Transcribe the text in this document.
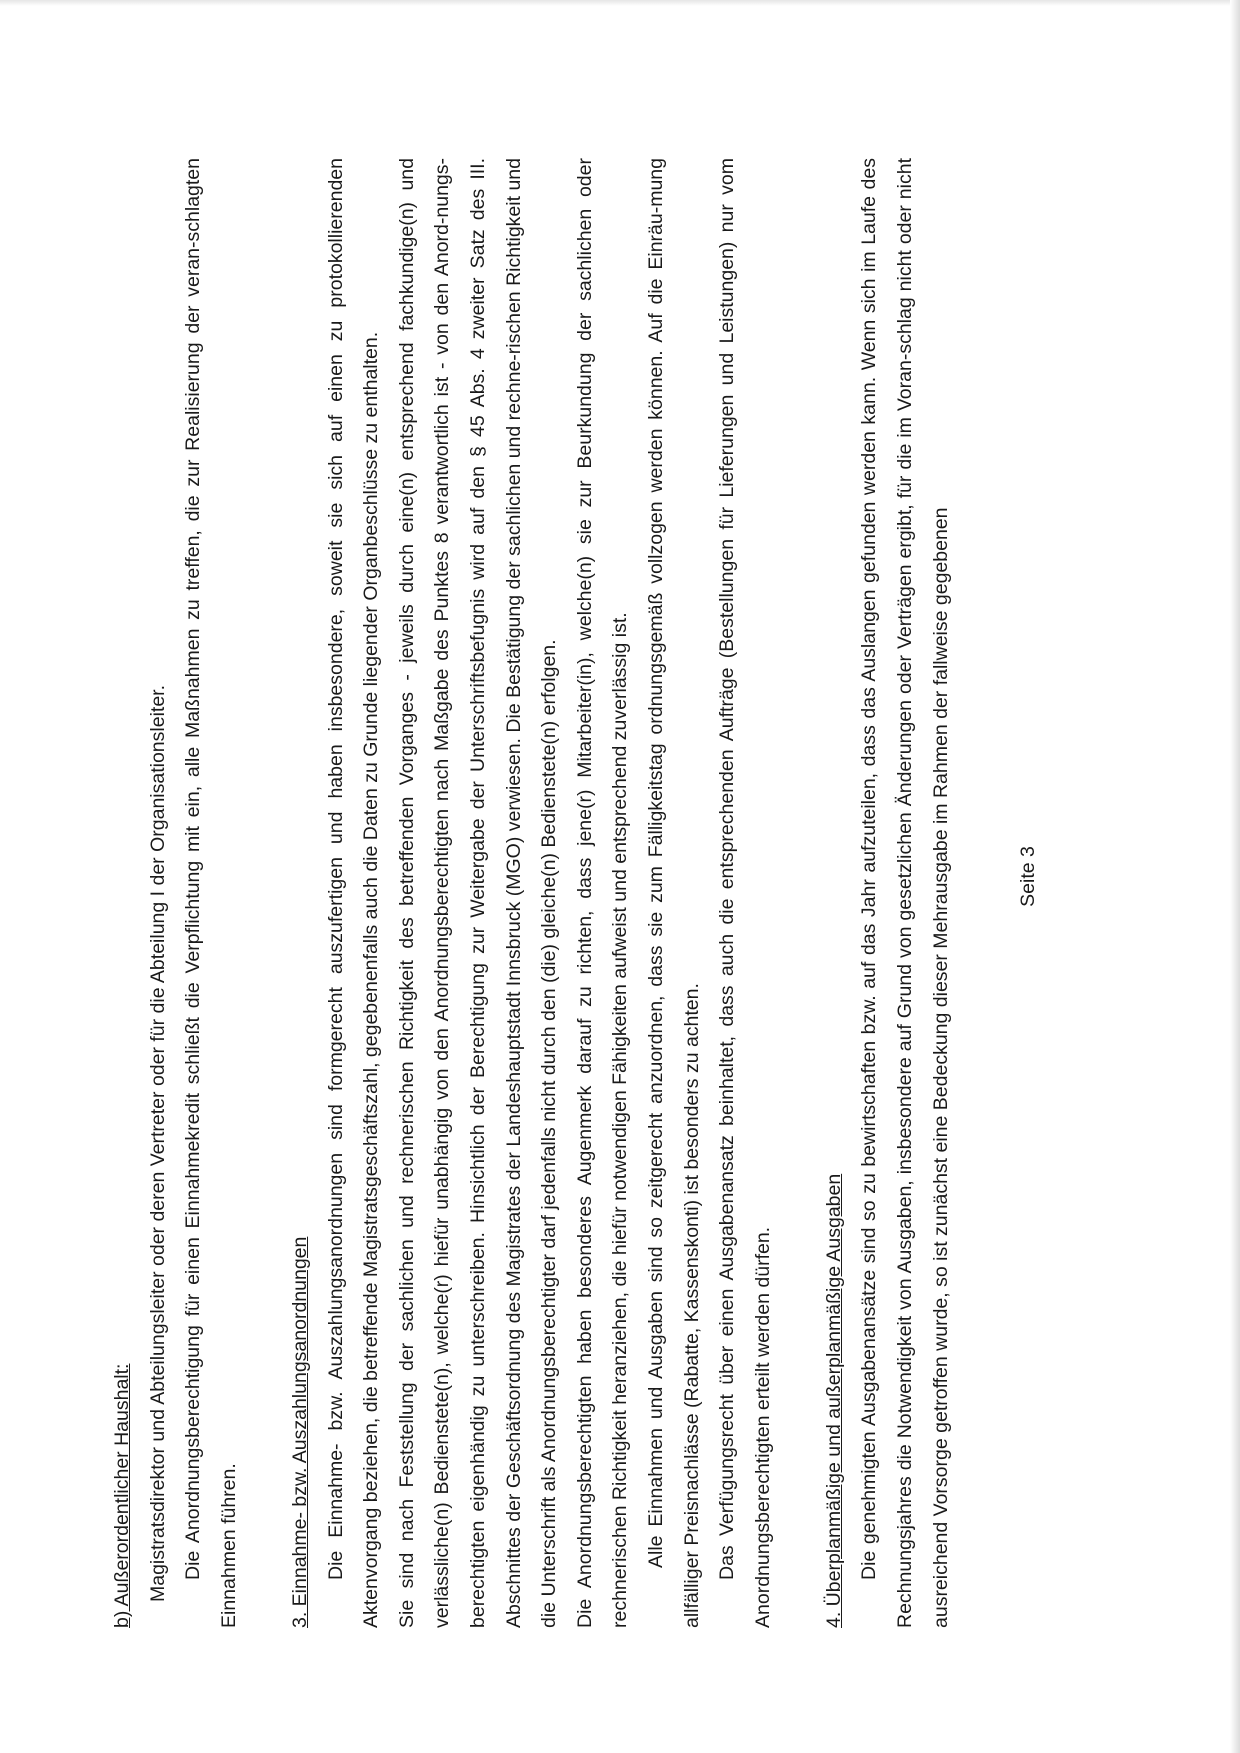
b) Außerordentlicher Haushalt: Magistratsdirektor und Abteilungsleiter oder deren Vertreter oder für die Abteilung I der Organisationsleiter. Die Anordnungsberechtigung für einen Einnahmekredit schließt die Verpflichtung mit ein, alle Maßnahmen zu treffen, die zur Realisierung der veran-schlagten Einnahmen führen.	3. Einnahme- bzw. Auszahlungsanordnungen Die Einnahme- bzw. Auszahlungsanordnungen sind formgerecht auszufertigen und haben insbesondere, soweit sie sich auf einen zu protokollierenden Aktenvorgang beziehen, die betreffende Magistratsgeschäftszahl, gegebenenfalls auch die Daten zu Grunde liegender Organbeschlüsse zu enthalten. Sie sind nach Feststellung der sachlichen und rechnerischen Richtigkeit des betreffenden Vorganges - jeweils durch eine(n) entsprechend fachkundige(n) und verlässliche(n) Bedienstete(n), welche(r) hiefür unabhängig von den Anordnungsberechtigten nach Maßgabe des Punktes 8 verantwortlich ist - von den Anord-nungs-berechtigten eigenhändig zu unterschreiben. Hinsichtlich der Berechtigung zur Weitergabe der Unterschriftsbefugnis wird auf den § 45 Abs. 4 zweiter Satz des III. Abschnittes der Geschäftsordnung des Magistrates der Landeshauptstadt Innsbruck (MGO) verwiesen. Die Bestätigung der sachlichen und rechne-rischen Richtigkeit und die Unterschrift als Anordnungsberechtigter darf jedenfalls nicht durch den (die) gleiche(n) Bedienstete(n) erfolgen. Die Anordnungsberechtigten haben besonderes Augenmerk darauf zu richten, dass jene(r) Mitarbeiter(in), welche(n) sie zur Beurkundung der sachlichen oder rechnerischen Richtigkeit heranziehen, die hiefür notwendigen Fähigkeiten aufweist und entsprechend zuverlässig ist. Alle Einnahmen und Ausgaben sind so zeitgerecht anzuordnen, dass sie zum Fälligkeitstag ordnungsgemäß vollzogen werden können. Auf die Einräu-mung allfälliger Preisnachlässe (Rabatte, Kassenskonti) ist besonders zu achten. Das Verfügungsrecht über einen Ausgabenansatz beinhaltet, dass auch die entsprechenden Aufträge (Bestellungen für Lieferungen und Leistungen) nur vom Anordnungsberechtigten erteilt werden dürfen.	4. Überplanmäßige und außerplanmäßige Ausgaben Die genehmigten Ausgabenansätze sind so zu bewirtschaften bzw. auf das Jahr aufzuteilen, dass das Auslangen gefunden werden kann. Wenn sich im Laufe des Rechnungsjahres die Notwendigkeit von Ausgaben, insbesondere auf Grund von gesetzlichen Änderungen oder Verträgen ergibt, für die im Voran-schlag nicht oder nicht ausreichend Vorsorge getroffen wurde, so ist zunächst eine Bedeckung dieser Mehrausgabe im Rahmen der fallweise gegebenen	Seite 3
